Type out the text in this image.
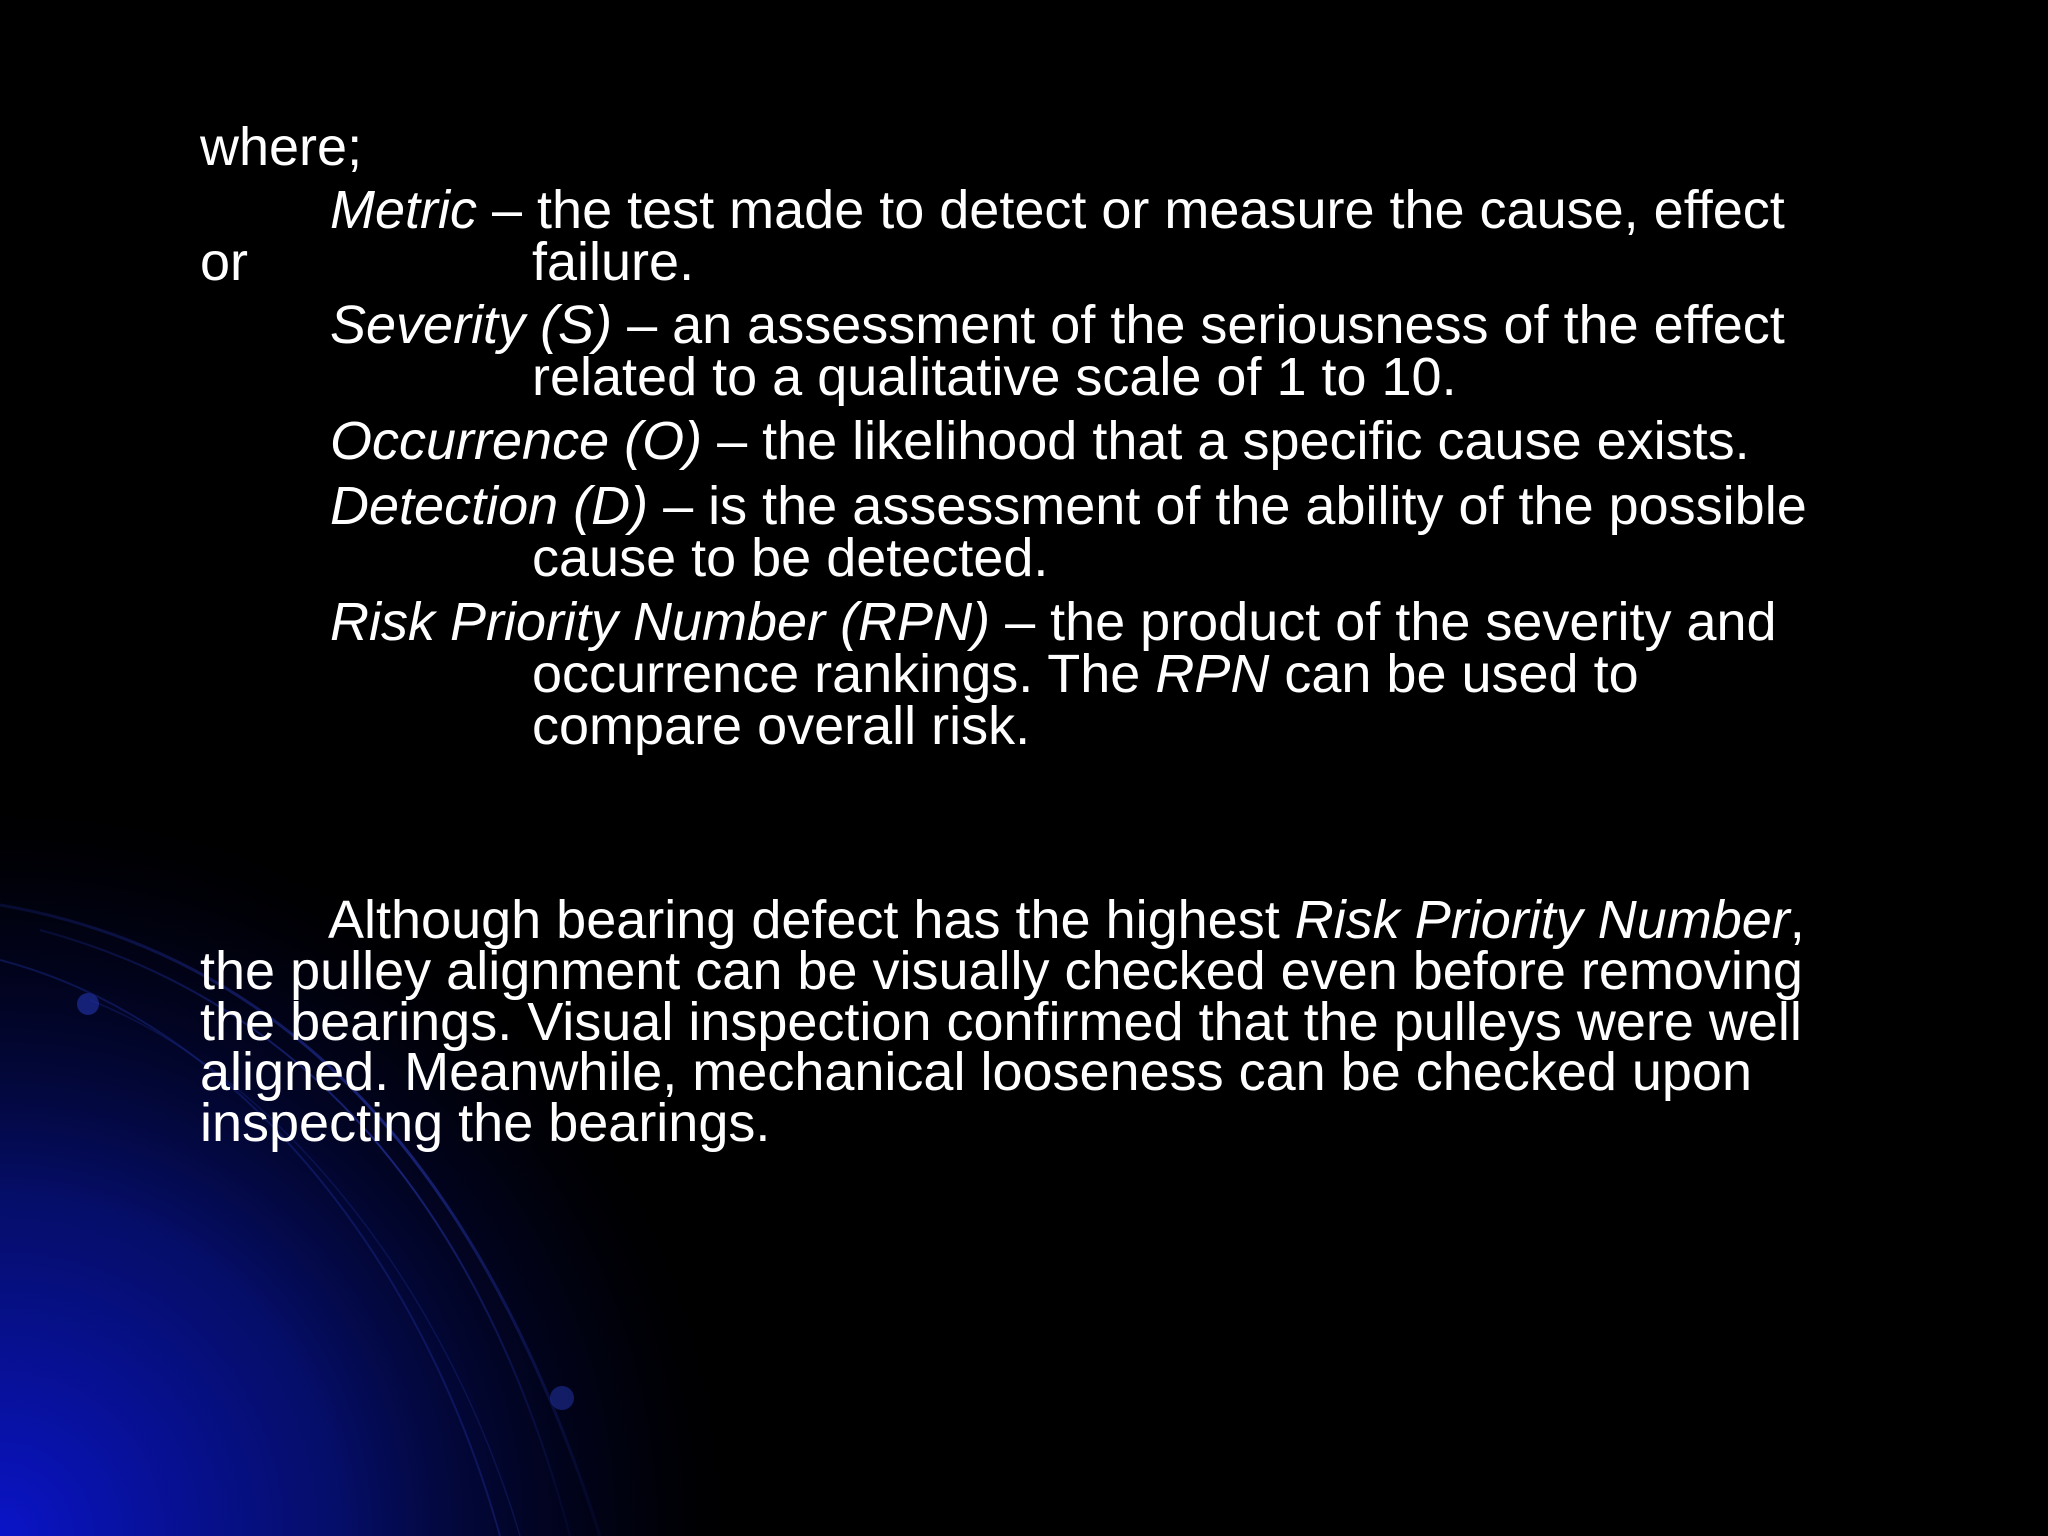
where;
Metric – the test made to detect or measure the cause, effect
or	failure.
Severity (S) – an assessment of the seriousness of the effect
related to a qualitative scale of 1 to 10.
Occurrence (O) – the likelihood that a specific cause exists.
Detection (D) – is the assessment of the ability of the possible
cause to be detected.
Risk Priority Number (RPN) – the product of the severity and
occurrence rankings. The RPN can be used to
compare overall risk.
Although bearing defect has the highest Risk Priority Number,
the pulley alignment can be visually checked even before removing
the bearings. Visual inspection confirmed that the pulleys were well
aligned. Meanwhile, mechanical looseness can be checked upon
inspecting the bearings.
